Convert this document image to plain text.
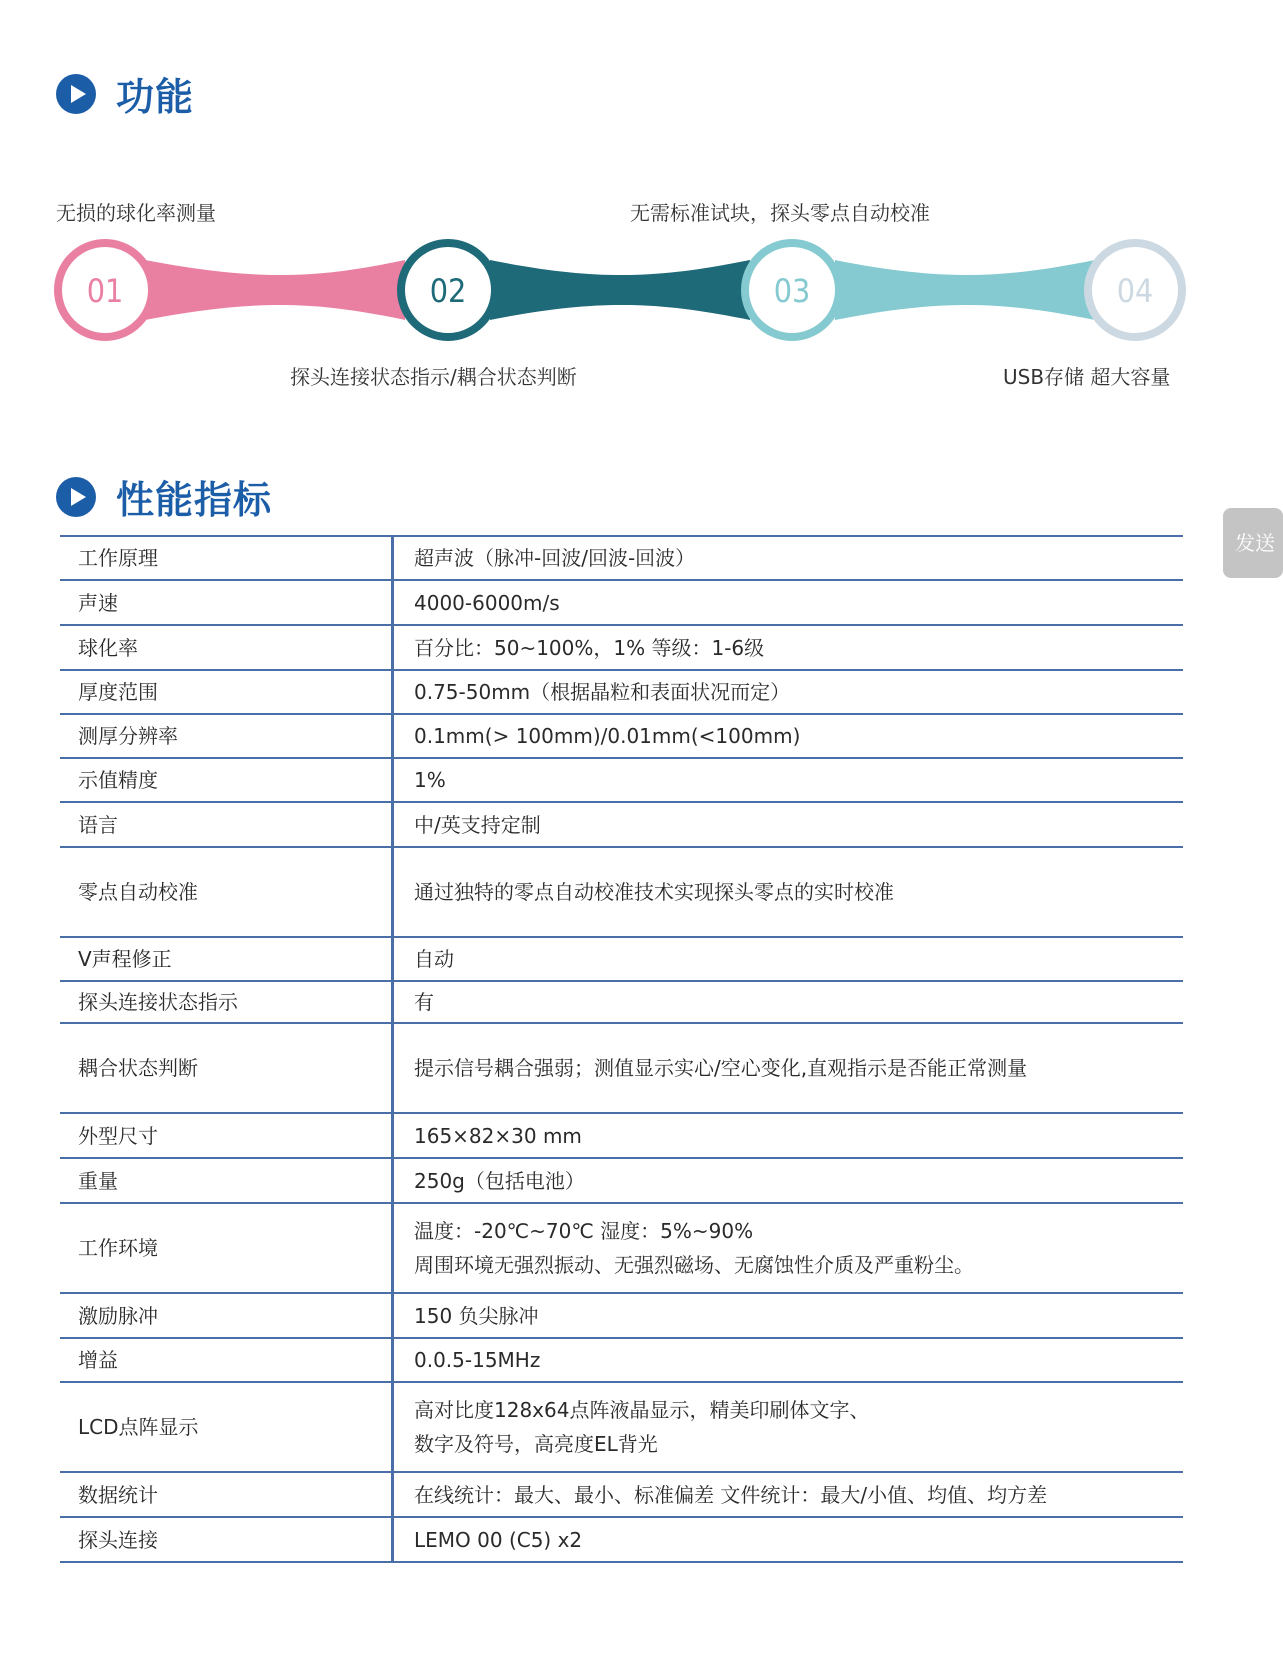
功能
无损的球化率测量	无需标准试块，探头零点自动校准
探头连接状态指示/耦合状态判断	USB存储 超大容量
01	02	03	04
性能指标
工作原理	超声波（脉冲-回波/回波-回波）

声速	4000-6000m/s

球化率	百分比：50~100%，1% 等级：1-6级

厚度范围	0.75-50mm（根据晶粒和表面状况而定）

测厚分辨率	0.1mm(> 100mm)/0.01mm(<100mm)

示值精度	1%

语言	中/英支持定制

零点自动校准	通过独特的零点自动校准技术实现探头零点的实时校准

V声程修正	自动

探头连接状态指示	有

耦合状态判断	提示信号耦合强弱；测值显示实心/空心变化,直观指示是否能正常测量

外型尺寸	165×82×30 mm

重量	250g（包括电池）

工作环境	温度：-20℃~70℃ 湿度：5%~90%
周围环境无强烈振动、无强烈磁场、无腐蚀性介质及严重粉尘。

激励脉冲	150 负尖脉冲

增益	0.0.5-15MHz

LCD点阵显示	高对比度128x64点阵液晶显示，精美印刷体文字、
数字及符号，高亮度EL背光

数据统计	在线统计：最大、最小、标准偏差 文件统计：最大/小值、均值、均方差

探头连接	LEMO 00 (C5) x2
发送
